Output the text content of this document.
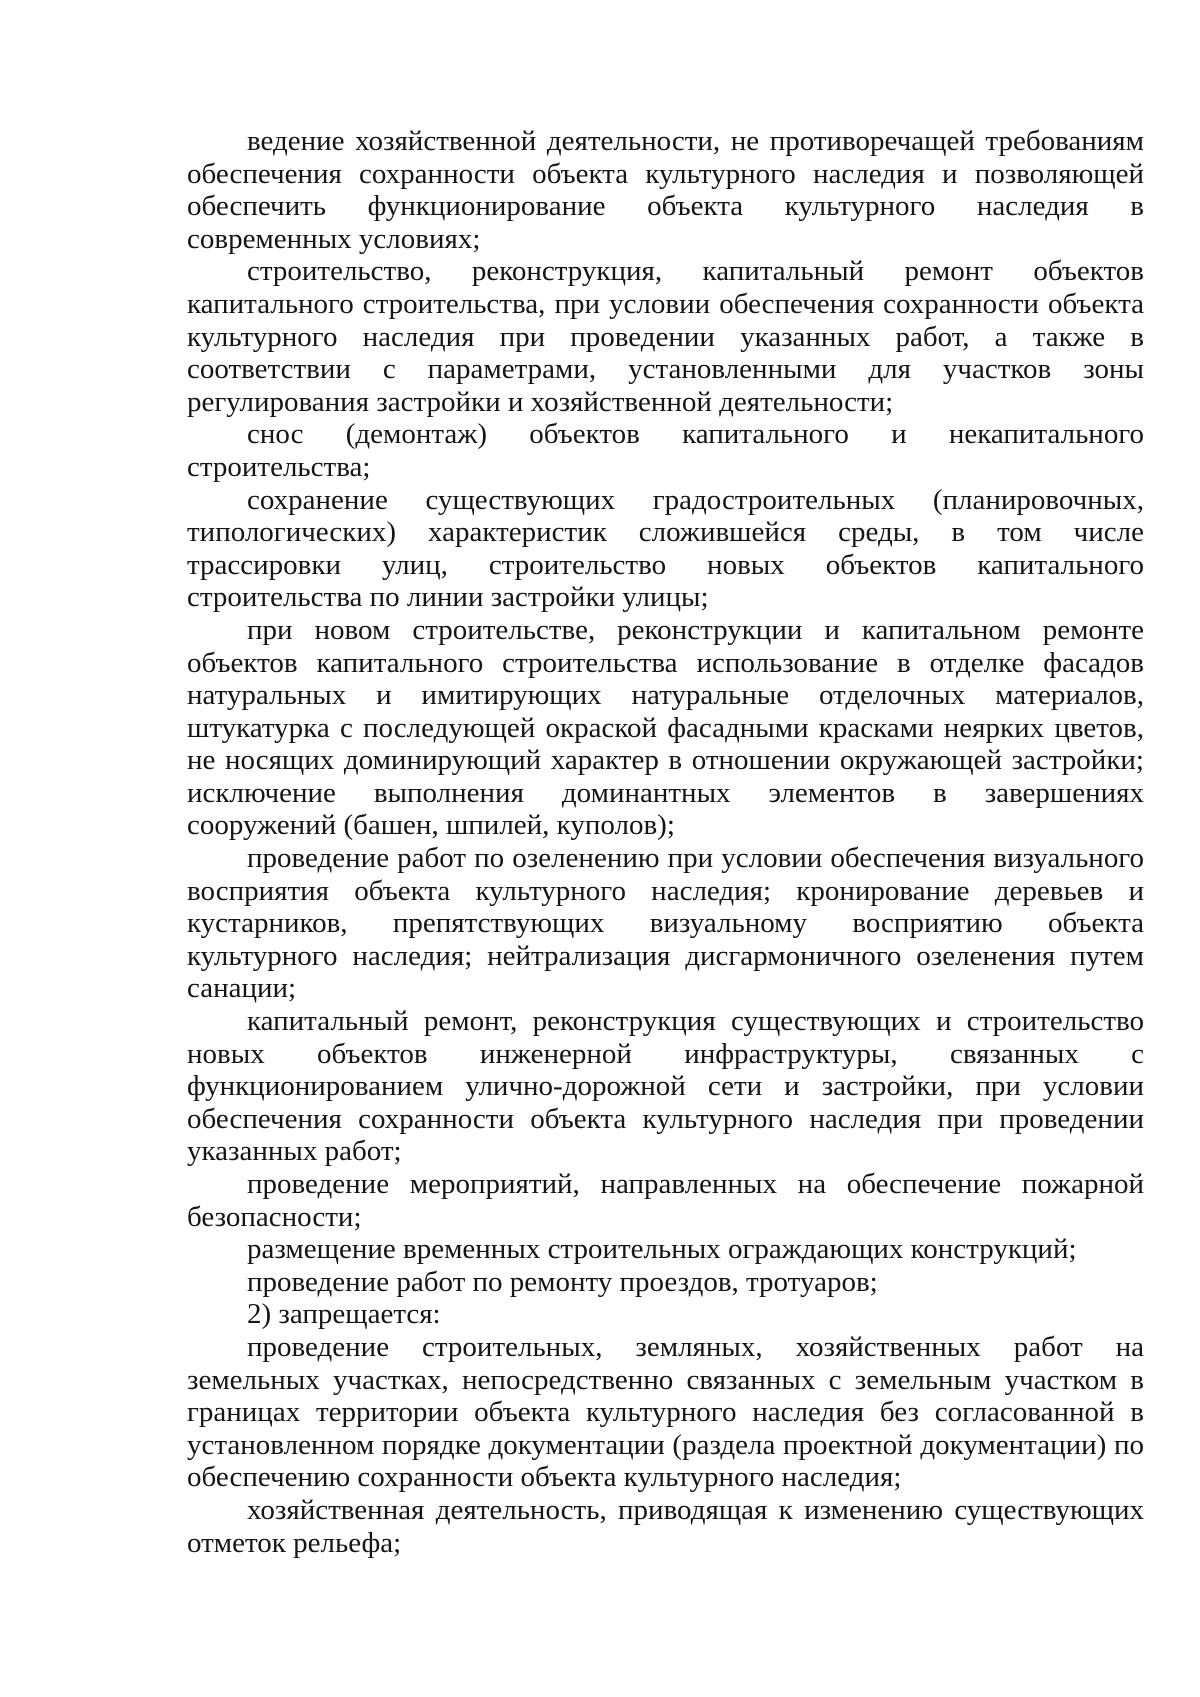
ведение хозяйственной деятельности, не противоречащей требованиям обеспечения сохранности объекта культурного наследия и позволяющей обеспечить функционирование объекта культурного наследия в современных условиях;

строительство, реконструкция, капитальный ремонт объектов капитального строительства, при условии обеспечения сохранности объекта культурного наследия при проведении указанных работ, а также в соответствии с параметрами, установленными для участков зоны регулирования застройки и хозяйственной деятельности;

снос (демонтаж) объектов капитального и некапитального строительства;

сохранение существующих градостроительных (планировочных, типологических) характеристик сложившейся среды, в том числе трассировки улиц, строительство новых объектов капитального строительства по линии застройки улицы;

при новом строительстве, реконструкции и капитальном ремонте объектов капитального строительства использование в отделке фасадов натуральных и имитирующих натуральные отделочных материалов, штукатурка с последующей окраской фасадными красками неярких цветов, не носящих доминирующий характер в отношении окружающей застройки; исключение выполнения доминантных элементов в завершениях сооружений (башен, шпилей, куполов);

проведение работ по озеленению при условии обеспечения визуального восприятия объекта культурного наследия; кронирование деревьев и кустарников, препятствующих визуальному восприятию объекта культурного наследия; нейтрализация дисгармоничного озеленения путем санации;

капитальный ремонт, реконструкция существующих и строительство новых объектов инженерной инфраструктуры, связанных с функционированием улично-дорожной сети и застройки, при условии обеспечения сохранности объекта культурного наследия при проведении указанных работ;

проведение мероприятий, направленных на обеспечение пожарной безопасности;

размещение временных строительных ограждающих конструкций;

проведение работ по ремонту проездов, тротуаров;

2) запрещается:

проведение строительных, земляных, хозяйственных работ на земельных участках, непосредственно связанных с земельным участком в границах территории объекта культурного наследия без согласованной в установленном порядке документации (раздела проектной документации) по обеспечению сохранности объекта культурного наследия;

хозяйственная деятельность, приводящая к изменению существующих отметок рельефа;
